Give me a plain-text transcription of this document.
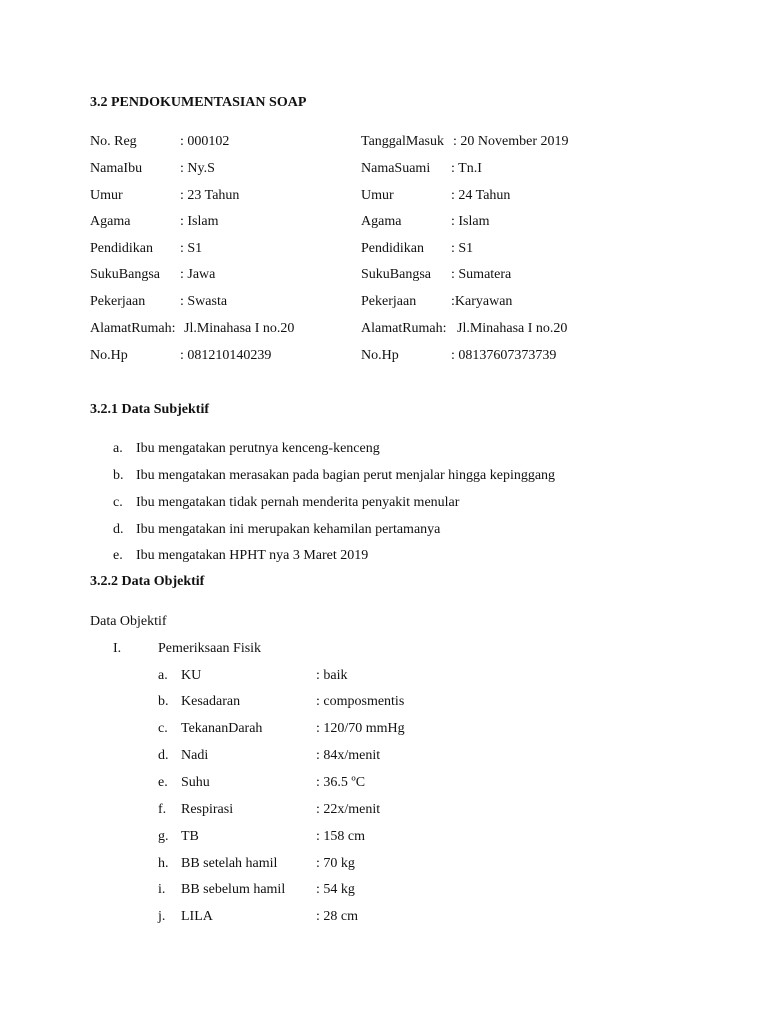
3.2 PENDOKUMENTASIAN SOAP
No. Reg	: 000102
NamaIbu	: Ny.S
Umur	: 23 Tahun
Agama	: Islam
Pendidikan : S1
SukuBangsa : Jawa
Pekerjaan : Swasta
AlamatRumah: Jl.Minahasa I no.20
No.Hp	: 081210140239
TanggalMasuk : 20 November 2019
NamaSuami : Tn.I
Umur	: 24 Tahun
Agama	: Islam
Pendidikan : S1
SukuBangsa : Sumatera
Pekerjaan :Karyawan
AlamatRumah: Jl.Minahasa I no.20
No.Hp	: 08137607373739
3.2.1 Data Subjektif
a. Ibu mengatakan perutnya kenceng-kenceng
b. Ibu mengatakan merasakan pada bagian perut menjalar hingga kepinggang
c. Ibu mengatakan tidak pernah menderita penyakit menular
d. Ibu mengatakan ini merupakan kehamilan pertamanya
e. Ibu mengatakan HPHT nya 3 Maret 2019
3.2.2 Data Objektif
Data Objektif
I.	Pemeriksaan Fisik
a. KU	: baik
b. Kesadaran	: composmentis
c. TekananDarah	: 120/70 mmHg
d. Nadi	: 84x/menit
e. Suhu	: 36.5 ºC
f. Respirasi	: 22x/menit
g. TB	: 158 cm
h. BB setelah hamil	: 70 kg
i. BB sebelum hamil : 54 kg
j. LILA	: 28 cm
